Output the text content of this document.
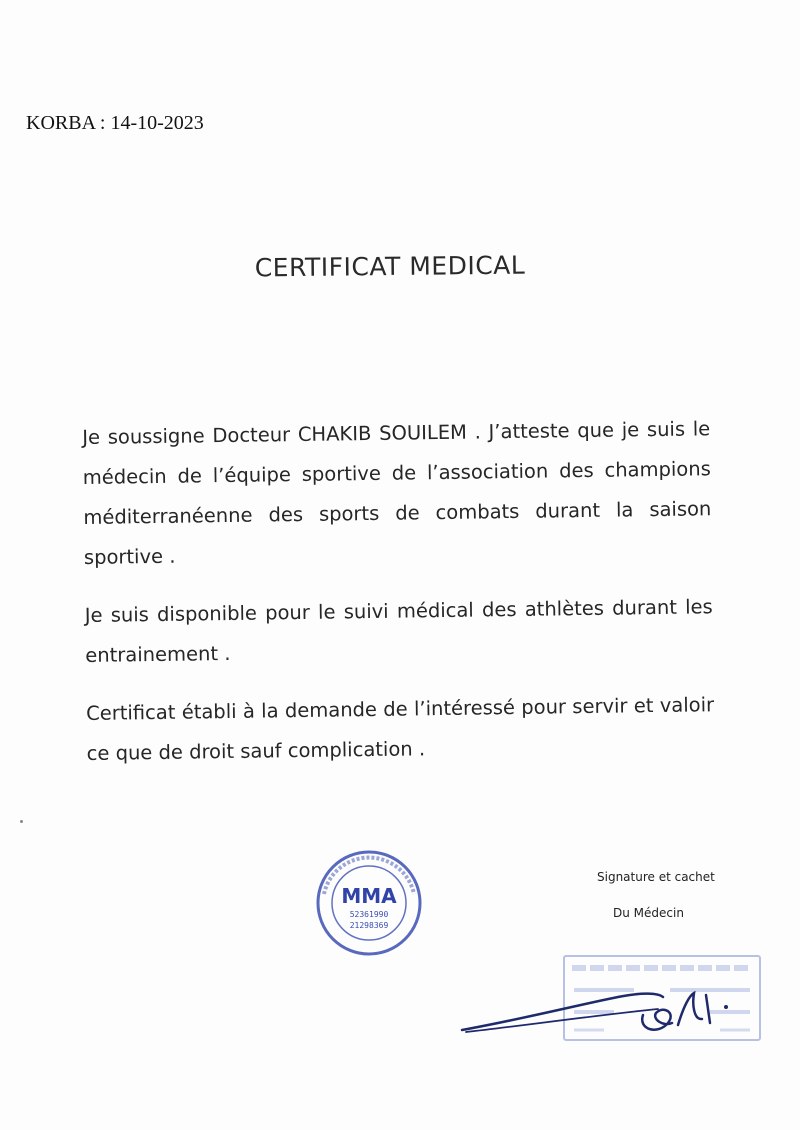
KORBA : 14-10-2023
CERTIFICAT MEDICAL

Je soussigne Docteur CHAKIB SOUILEM . J’atteste que je suis le médecin de l’équipe sportive de l’association des champions méditerranéenne des sports de combats durant la saison sportive .

Je suis disponible pour le suivi médical des athlètes durant les entrainement .

Certificat établi à la demande de l’intéressé pour servir et valoir ce que de droit sauf complication .

Signature et cachet
Du Médecin
MMA
52361990
21298369
